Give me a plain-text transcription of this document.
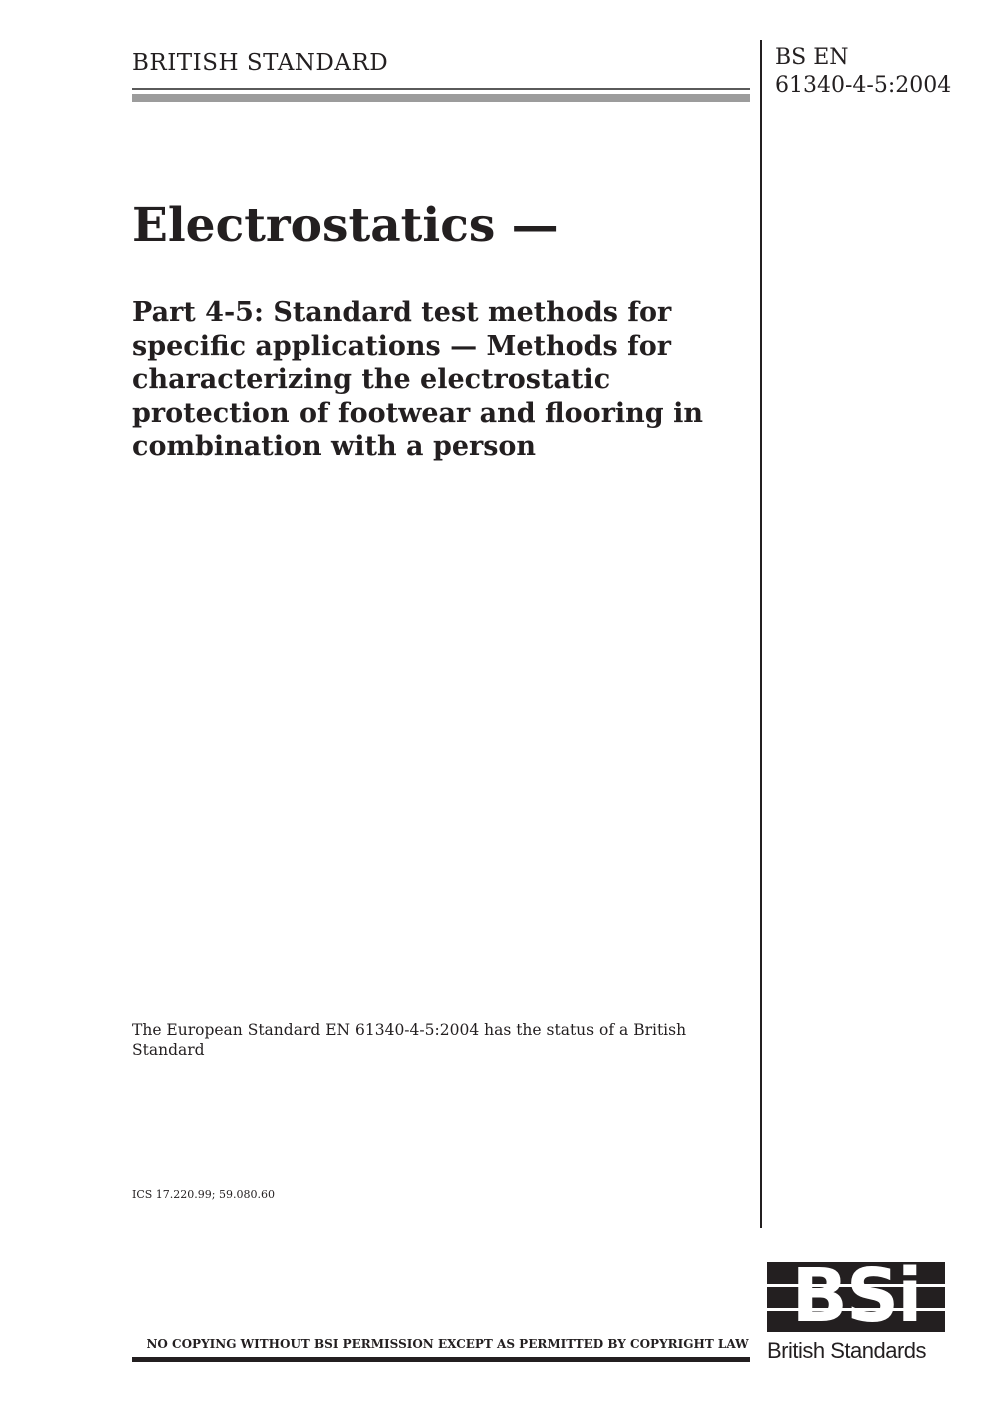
BRITISH STANDARD	BS EN
61340-4-5:2004
Electrostatics —
Part 4-5: Standard test methods for
specific applications — Methods for
characterizing the electrostatic
protection of footwear and flooring in
combination with a person
The European Standard EN 61340-4-5:2004 has the status of a British Standard
ICS 17.220.99; 59.080.60
NO COPYING WITHOUT BSI PERMISSION EXCEPT AS PERMITTED BY COPYRIGHT LAW
BSi
British Standards
